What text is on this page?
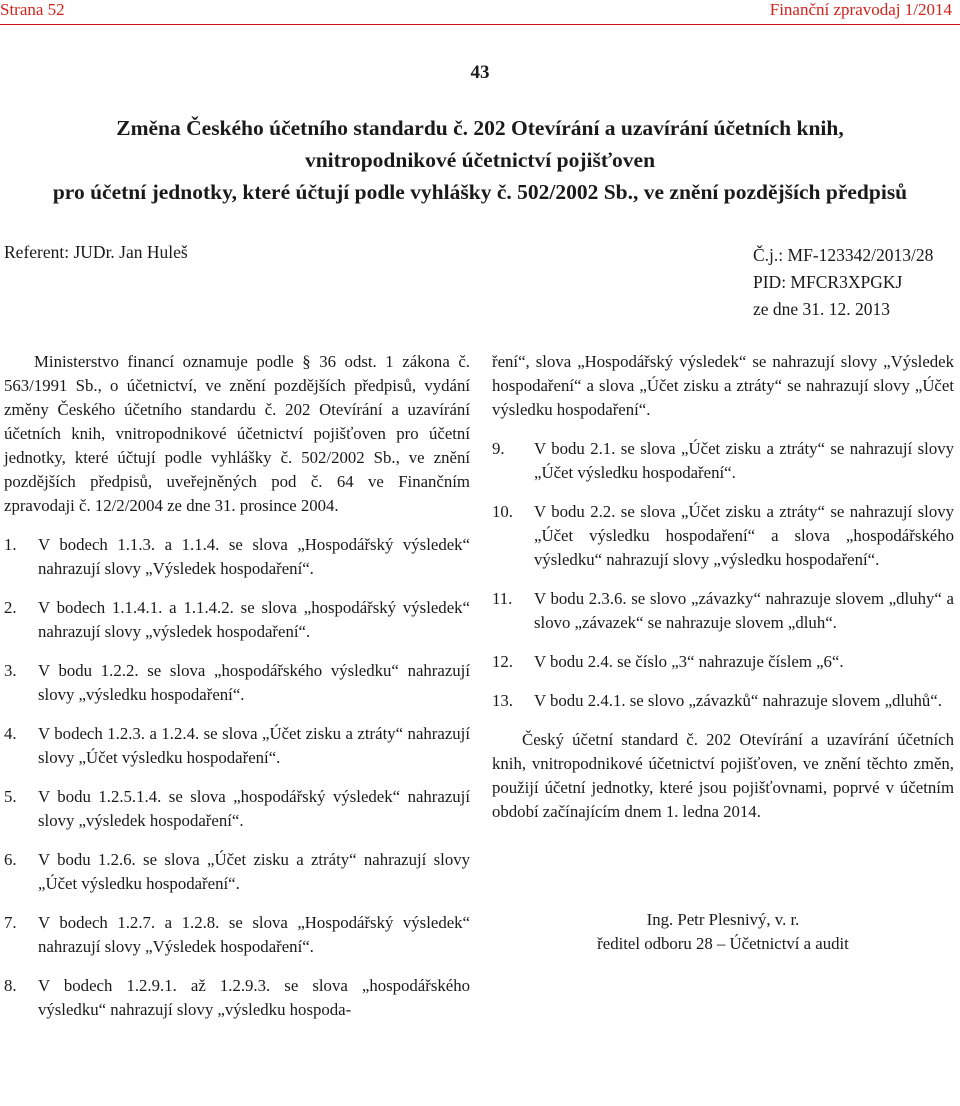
Strana 52	Finanční zpravodaj 1/2014
43
Změna Českého účetního standardu č. 202 Otevírání a uzavírání účetních knih,
vnitropodnikové účetnictví pojišťoven
pro účetní jednotky, které účtují podle vyhlášky č. 502/2002 Sb., ve znění pozdějších předpisů
Referent: JUDr. Jan Huleš	Č.j.: MF-123342/2013/28
PID: MFCR3XPGKJ
ze dne 31. 12. 2013

Ministerstvo financí oznamuje podle § 36 odst. 1 zákona č. 563/1991 Sb., o účetnictví, ve znění pozdějších předpisů, vydání změny Českého účetního standardu č. 202 Otevírání a uzavírání účetních knih, vnitropodnikové účetnictví pojišťoven pro účetní jednotky, které účtují podle vyhlášky č. 502/2002 Sb., ve znění pozdějších předpisů, uveřejněných pod č. 64 ve Finančním zpravodaji č. 12/2/2004 ze dne 31. prosince 2004.

1. V bodech 1.1.3. a 1.1.4. se slova „Hospodářský výsledek“ nahrazují slovy „Výsledek hospodaření“.
2. V bodech 1.1.4.1. a 1.1.4.2. se slova „hospodářský výsledek“ nahrazují slovy „výsledek hospodaření“.
3. V bodu 1.2.2. se slova „hospodářského výsledku“ nahrazují slovy „výsledku hospodaření“.
4. V bodech 1.2.3. a 1.2.4. se slova „Účet zisku a ztráty“ nahrazují slovy „Účet výsledku hospodaření“.
5. V bodu 1.2.5.1.4. se slova „hospodářský výsledek“ nahrazují slovy „výsledek hospodaření“.
6. V bodu 1.2.6. se slova „Účet zisku a ztráty“ nahrazují slovy „Účet výsledku hospodaření“.
7. V bodech 1.2.7. a 1.2.8. se slova „Hospodářský výsledek“ nahrazují slovy „Výsledek hospodaření“.
8. V bodech 1.2.9.1. až 1.2.9.3. se slova „hospodářského výsledku“ nahrazují slovy „výsledku hospoda-

ření“, slova „Hospodářský výsledek“ se nahrazují slovy „Výsledek hospodaření“ a slova „Účet zisku a ztráty“ se nahrazují slovy „Účet výsledku hospodaření“.

9. V bodu 2.1. se slova „Účet zisku a ztráty“ se nahrazují slovy „Účet výsledku hospodaření“.
10. V bodu 2.2. se slova „Účet zisku a ztráty“ se nahrazují slovy „Účet výsledku hospodaření“ a slova „hospodářského výsledku“ nahrazují slovy „výsledku hospodaření“.
11. V bodu 2.3.6. se slovo „závazky“ nahrazuje slovem „dluhy“ a slovo „závazek“ se nahrazuje slovem „dluh“.
12. V bodu 2.4. se číslo „3“ nahrazuje číslem „6“.
13. V bodu 2.4.1. se slovo „závazků“ nahrazuje slovem „dluhů“.

Český účetní standard č. 202 Otevírání a uzavírání účetních knih, vnitropodnikové účetnictví pojišťoven, ve znění těchto změn, použijí účetní jednotky, které jsou pojišťovnami, poprvé v účetním období začínajícím dnem 1. ledna 2014.

Ing. Petr Plesnivý, v. r.
ředitel odboru 28 – Účetnictví a audit
